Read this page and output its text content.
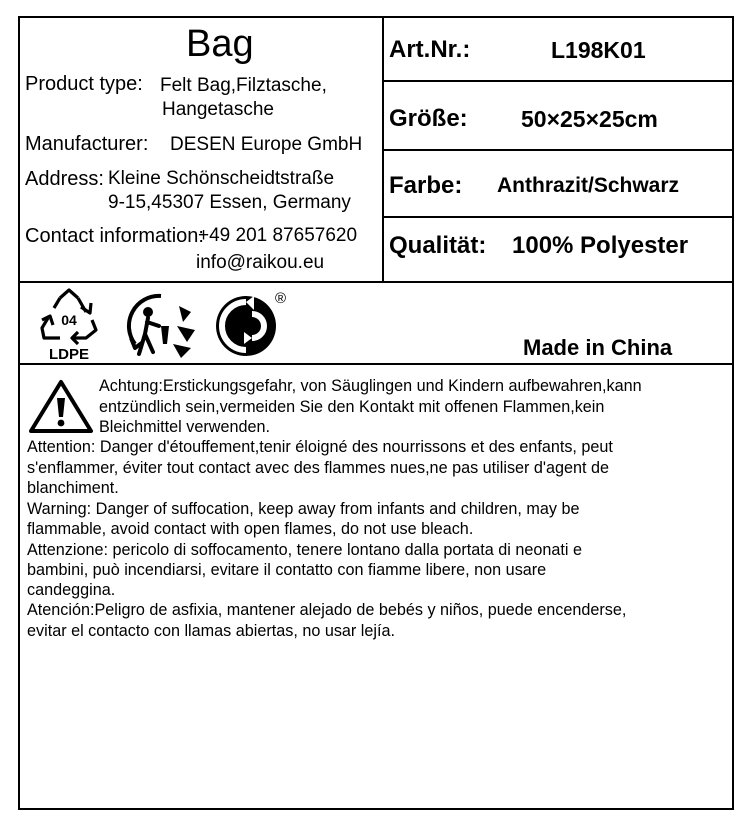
Bag
Product type: Felt Bag,Filztasche,
Hangetasche
Manufacturer: DESEN Europe GmbH
Address: Kleine Schönscheidtstraße
9-15,45307 Essen, Germany
Contact information:
+49 201 87657620
info@raikou.eu
Art.Nr.:	L198K01
Größe: 50×25×25cm
Farbe: Anthrazit/Schwarz
Qualität: 100% Polyester
04
LDPE
®
Made in China
Achtung:Erstickungsgefahr, von Säuglingen und Kindern aufbewahren,kann
entzündlich sein,vermeiden Sie den Kontakt mit offenen Flammen,kein
Bleichmittel verwenden.
Attention: Danger d'étouffement,tenir éloigné des nourrissons et des enfants, peut
s'enflammer, éviter tout contact avec des flammes nues,ne pas utiliser d'agent de
blanchiment.
Warning: Danger of suffocation, keep away from infants and children, may be
flammable, avoid contact with open flames, do not use bleach.
Attenzione: pericolo di soffocamento, tenere lontano dalla portata di neonati e
bambini, può incendiarsi, evitare il contatto con fiamme libere, non usare
candeggina.
Atención:Peligro de asfixia, mantener alejado de bebés y niños, puede encenderse,
evitar el contacto con llamas abiertas, no usar lejía.
